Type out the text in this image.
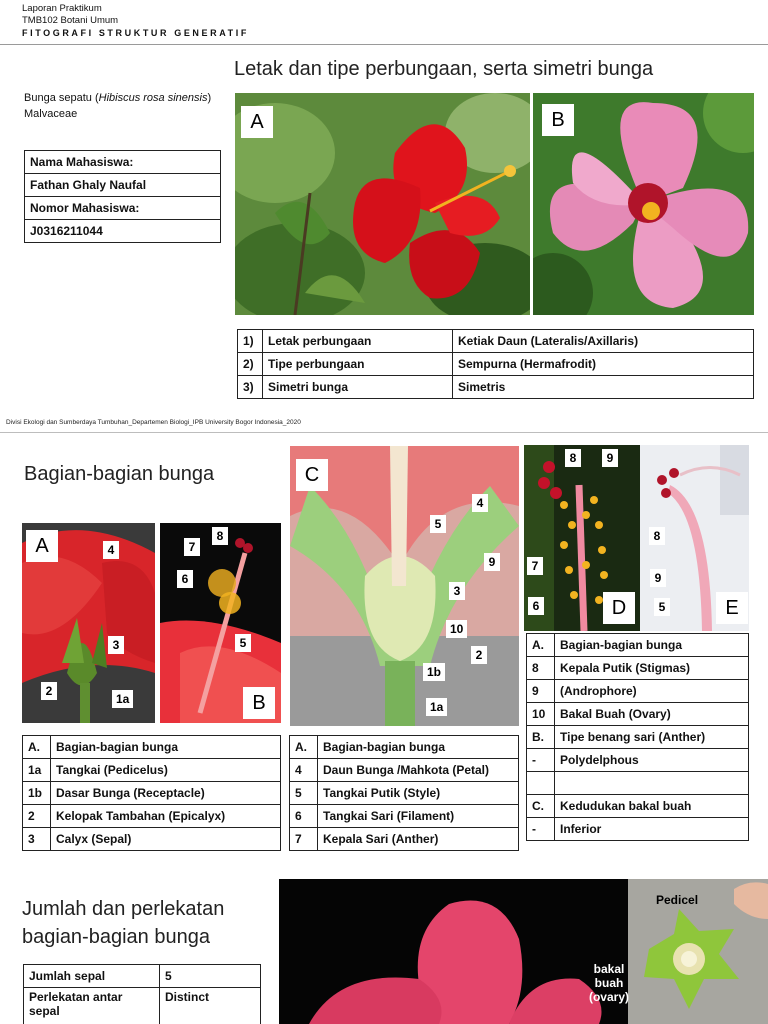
Laporan Praktikum
TMB102 Botani Umum
FITOGRAFI STRUKTUR GENERATIF
Letak dan tipe perbungaan, serta simetri bunga
Bunga sepatu (Hibiscus rosa sinensis)
Malvaceae
Nama Mahasiswa:
Fathan Ghaly Naufal
Nomor Mahasiswa:
J0316211044
A	B
1)	Letak perbungaan	Ketiak Daun (Lateralis/Axillaris)
2)	Tipe perbungaan	Sempurna (Hermafrodit)
3)	Simetri bunga	Simetris
Divisi Ekologi dan Sumberdaya Tumbuhan_Departemen Biologi_IPB University Bogor Indonesia_2020
Bagian-bagian bunga
A	4
3
2
1a	B
8
7
6
5
C
4
5
9
3
10
2
1b
1a
D
8	9
7
6	E
8
9
5
A.	Bagian-bagian bunga
1a	Tangkai (Pedicelus)
1b	Dasar Bunga (Receptacle)
2	Kelopak Tambahan (Epicalyx)
3	Calyx (Sepal)
A.	Bagian-bagian bunga
4	Daun Bunga /Mahkota (Petal)
5	Tangkai Putik (Style)
6	Tangkai Sari (Filament)
7	Kepala Sari (Anther)
A.	Bagian-bagian bunga
8	Kepala Putik (Stigmas)
9	(Androphore)
10	Bakal Buah (Ovary)
B.	Tipe benang sari (Anther)
-	Polydelphous

C.	Kedudukan bakal buah
-	Inferior
Jumlah dan perlekatan
bagian-bagian bunga
Jumlah sepal	5
Perlekatan antar sepal	Distinct
Pedicel
bakal
buah
(ovary)
